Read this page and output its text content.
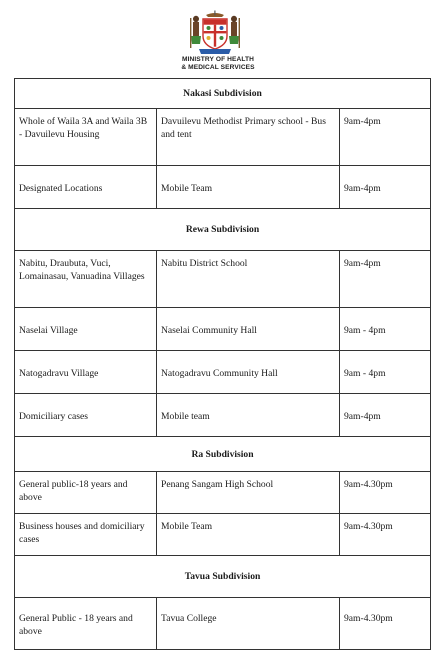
MINISTRY OF HEALTH
& MEDICAL SERVICES
Nakasi Subdivision		
Whole of Waila 3A and Waila 3B - Davuilevu Housing	Davuilevu Methodist Primary school - Bus and tent	9am-4pm
Designated Locations	Mobile Team	9am-4pm
Rewa Subdivision		
Nabitu, Draubuta, Vuci, Lomainasau, Vanuadina Villages	Nabitu District School	9am-4pm
Naselai Village	Naselai Community Hall	9am - 4pm
Natogadravu Village	Natogadravu Community Hall	9am - 4pm
Domiciliary cases	Mobile team	9am-4pm
Ra Subdivision		
General public-18 years and above	Penang Sangam High School	9am-4.30pm
Business houses and domiciliary cases	Mobile Team	9am-4.30pm
Tavua Subdivision		
General Public - 18 years and above	Tavua College	9am-4.30pm
